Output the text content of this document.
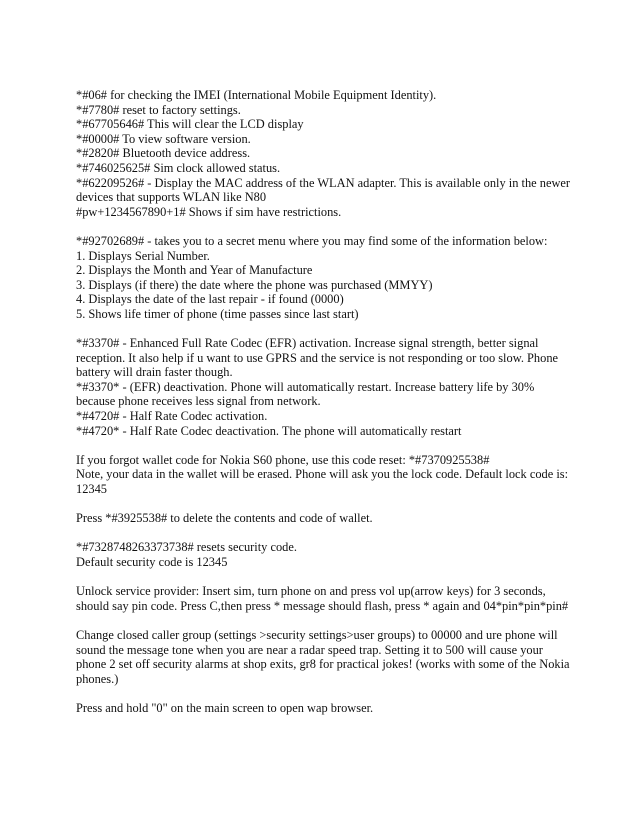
*#06# for checking the IMEI (International Mobile Equipment Identity).
*#7780# reset to factory settings.
*#67705646# This will clear the LCD display
*#0000# To view software version.
*#2820# Bluetooth device address.
*#746025625# Sim clock allowed status.
*#62209526# - Display the MAC address of the WLAN adapter. This is available only in the newer devices that supports WLAN like N80
#pw+1234567890+1# Shows if sim have restrictions.

*#92702689# - takes you to a secret menu where you may find some of the information below:
1. Displays Serial Number.
2. Displays the Month and Year of Manufacture
3. Displays (if there) the date where the phone was purchased (MMYY)
4. Displays the date of the last repair - if found (0000)
5. Shows life timer of phone (time passes since last start)

*#3370# - Enhanced Full Rate Codec (EFR) activation. Increase signal strength, better signal reception. It also help if u want to use GPRS and the service is not responding or too slow. Phone battery will drain faster though.
*#3370* - (EFR) deactivation. Phone will automatically restart. Increase battery life by 30% because phone receives less signal from network.
*#4720# - Half Rate Codec activation.
*#4720* - Half Rate Codec deactivation. The phone will automatically restart

If you forgot wallet code for Nokia S60 phone, use this code reset: *#7370925538#
Note, your data in the wallet will be erased. Phone will ask you the lock code. Default lock code is: 12345

Press *#3925538# to delete the contents and code of wallet.

*#7328748263373738# resets security code.
Default security code is 12345

Unlock service provider: Insert sim, turn phone on and press vol up(arrow keys) for 3 seconds, should say pin code. Press C,then press * message should flash, press * again and 04*pin*pin*pin#

Change closed caller group (settings >security settings>user groups) to 00000 and ure phone will sound the message tone when you are near a radar speed trap. Setting it to 500 will cause your phone 2 set off security alarms at shop exits, gr8 for practical jokes! (works with some of the Nokia phones.)

Press and hold "0" on the main screen to open wap browser.
